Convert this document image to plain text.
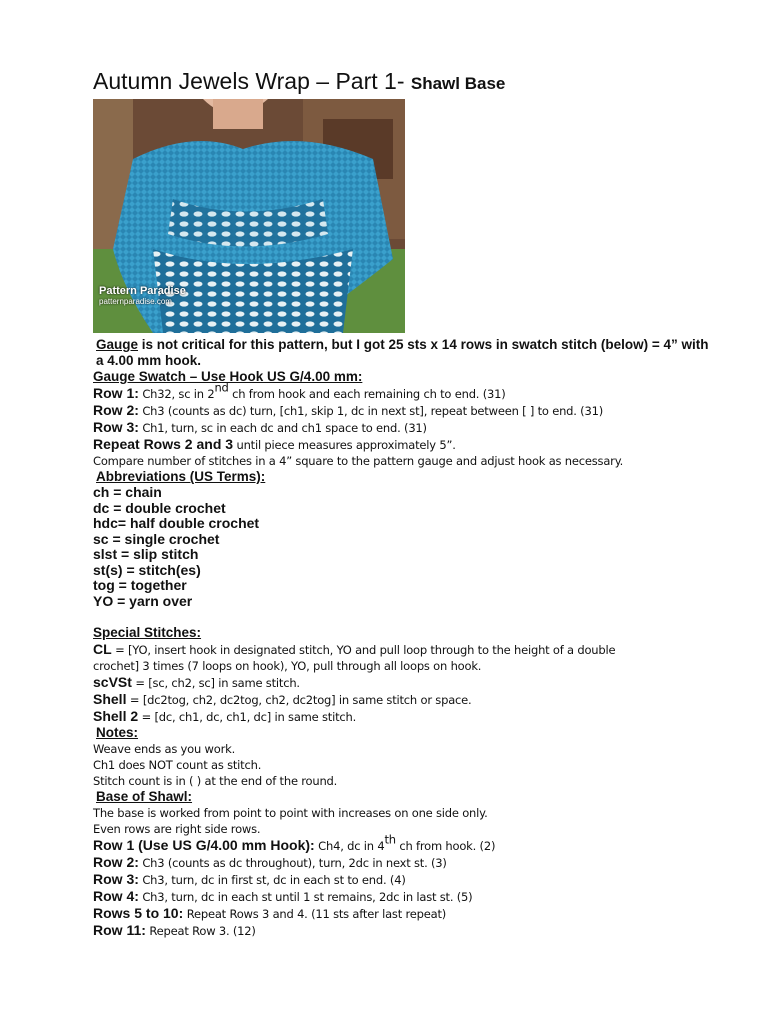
Autumn Jewels Wrap – Part 1- Shawl Base
Pattern Paradise
patternparadise.com
Gauge is not critical for this pattern, but I got 25 sts x 14 rows in swatch stitch (below) = 4” with a 4.00 mm hook.
Gauge Swatch – Use Hook US G/4.00 mm:
Row 1: Ch32, sc in 2nd ch from hook and each remaining ch to end. (31)
Row 2: Ch3 (counts as dc) turn, [ch1, skip 1, dc in next st], repeat between [ ] to end. (31)
Row 3: Ch1, turn, sc in each dc and ch1 space to end. (31)
Repeat Rows 2 and 3 until piece measures approximately 5”.
Compare number of stitches in a 4” square to the pattern gauge and adjust hook as necessary.
Abbreviations (US Terms):
ch = chain
dc = double crochet
hdc= half double crochet
sc = single crochet
slst = slip stitch
st(s) = stitch(es)
tog = together
YO = yarn over
Special Stitches:
CL = [YO, insert hook in designated stitch, YO and pull loop through to the height of a double
crochet] 3 times (7 loops on hook), YO, pull through all loops on hook.
scVSt = [sc, ch2, sc] in same stitch.
Shell = [dc2tog, ch2, dc2tog, ch2, dc2tog] in same stitch or space.
Shell 2 = [dc, ch1, dc, ch1, dc] in same stitch.
Notes:
Weave ends as you work.
Ch1 does NOT count as stitch.
Stitch count is in ( ) at the end of the round.
Base of Shawl:
The base is worked from point to point with increases on one side only.
Even rows are right side rows.
Row 1 (Use US G/4.00 mm Hook): Ch4, dc in 4th ch from hook. (2)
Row 2: Ch3 (counts as dc throughout), turn, 2dc in next st. (3)
Row 3: Ch3, turn, dc in first st, dc in each st to end. (4)
Row 4: Ch3, turn, dc in each st until 1 st remains, 2dc in last st. (5)
Rows 5 to 10: Repeat Rows 3 and 4. (11 sts after last repeat)
Row 11: Repeat Row 3. (12)
